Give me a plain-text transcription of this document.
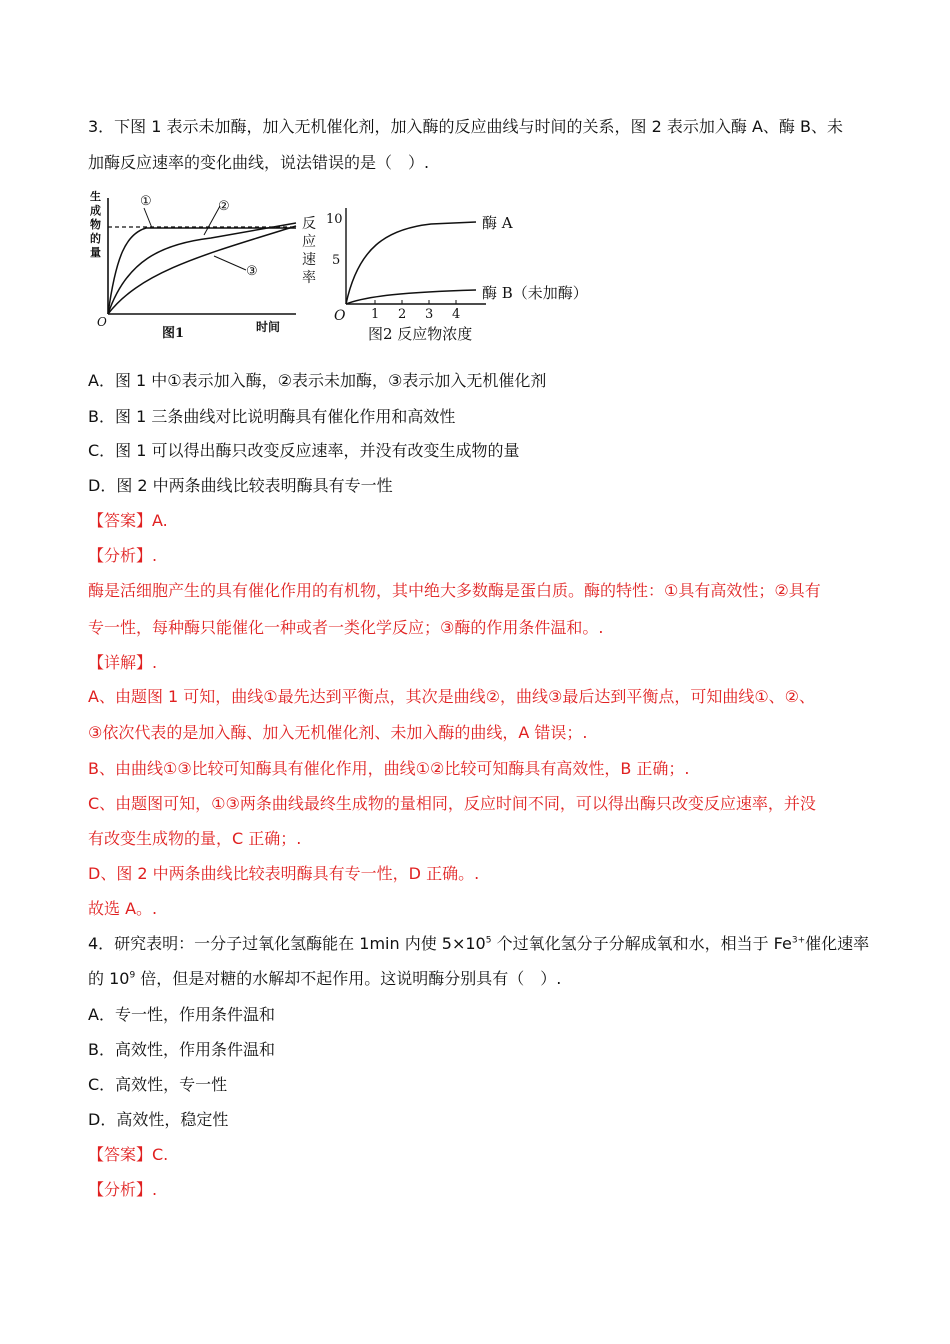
3．下图 1 表示未加酶，加入无机催化剂，加入酶的反应曲线与时间的关系，图 2 表示加入酶 A、酶 B、未
加酶反应速率的变化曲线，说法错误的是（　）.
生
成
物
的
量
①	②
③
O
图1	时间
反
应
速
率
10
5
1 2 3 4
酶 A
酶 B（未加酶）
O
图2 反应物浓度
A．图 1 中①表示加入酶，②表示未加酶，③表示加入无机催化剂
B．图 1 三条曲线对比说明酶具有催化作用和高效性
C．图 1 可以得出酶只改变反应速率，并没有改变生成物的量
D．图 2 中两条曲线比较表明酶具有专一性
【答案】A.
【分析】.
酶是活细胞产生的具有催化作用的有机物，其中绝大多数酶是蛋白质。酶的特性：①具有高效性；②具有
专一性，每种酶只能催化一种或者一类化学反应；③酶的作用条件温和。.
【详解】.
A、由题图 1 可知，曲线①最先达到平衡点，其次是曲线②，曲线③最后达到平衡点，可知曲线①、②、
③依次代表的是加入酶、加入无机催化剂、未加入酶的曲线，A 错误；.
B、由曲线①③比较可知酶具有催化作用，曲线①②比较可知酶具有高效性，B 正确；.
C、由题图可知，①③两条曲线最终生成物的量相同，反应时间不同，可以得出酶只改变反应速率，并没
有改变生成物的量，C 正确；.
D、图 2 中两条曲线比较表明酶具有专一性，D 正确。.
故选 A。.
4．研究表明：一分子过氧化氢酶能在 1min 内使 $5\times 10^5$ 个过氧化氢分子分解成氧和水，相当于 $Fe^{3+}$催化速率
的 $10^9$ 倍，但是对糖的水解却不起作用。这说明酶分别具有（　）.
A．专一性，作用条件温和
B．高效性，作用条件温和
C．高效性，专一性
D．高效性，稳定性
【答案】C.
【分析】.
